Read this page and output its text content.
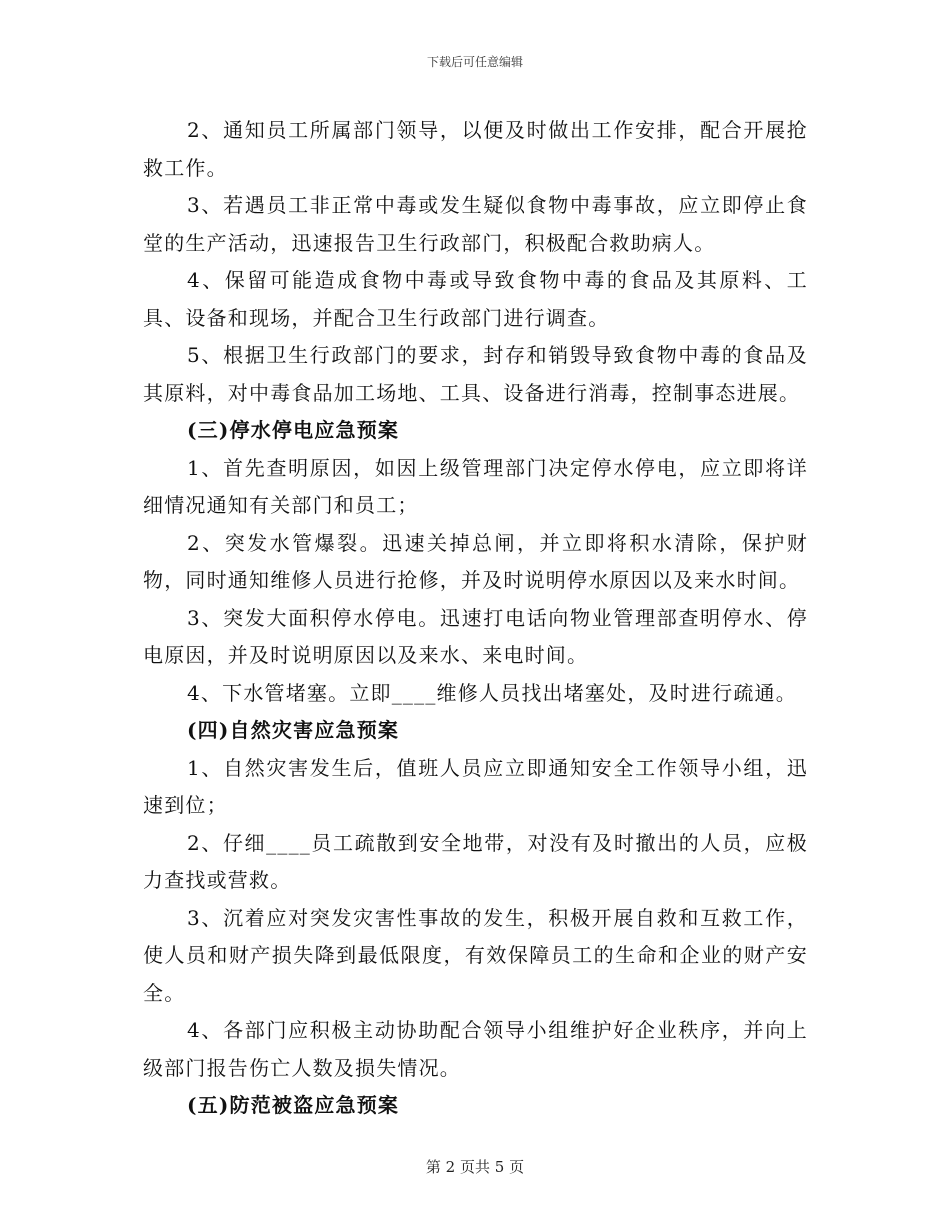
下载后可任意编辑

2、通知员工所属部门领导，以便及时做出工作安排，配合开展抢救工作。

3、若遇员工非正常中毒或发生疑似食物中毒事故，应立即停止食堂的生产活动，迅速报告卫生行政部门，积极配合救助病人。

4、保留可能造成食物中毒或导致食物中毒的食品及其原料、工具、设备和现场，并配合卫生行政部门进行调查。

5、根据卫生行政部门的要求，封存和销毁导致食物中毒的食品及其原料，对中毒食品加工场地、工具、设备进行消毒，控制事态进展。

(三)停水停电应急预案

1、首先查明原因，如因上级管理部门决定停水停电，应立即将详细情况通知有关部门和员工；

2、突发水管爆裂。迅速关掉总闸，并立即将积水清除，保护财物，同时通知维修人员进行抢修，并及时说明停水原因以及来水时间。

3、突发大面积停水停电。迅速打电话向物业管理部查明停水、停电原因，并及时说明原因以及来水、来电时间。

4、下水管堵塞。立即____维修人员找出堵塞处，及时进行疏通。

(四)自然灾害应急预案

1、自然灾害发生后，值班人员应立即通知安全工作领导小组，迅速到位；

2、仔细____员工疏散到安全地带，对没有及时撤出的人员，应极力查找或营救。

3、沉着应对突发灾害性事故的发生，积极开展自救和互救工作，使人员和财产损失降到最低限度，有效保障员工的生命和企业的财产安全。

4、各部门应积极主动协助配合领导小组维护好企业秩序，并向上级部门报告伤亡人数及损失情况。

(五)防范被盗应急预案

第 2 页共 5 页
